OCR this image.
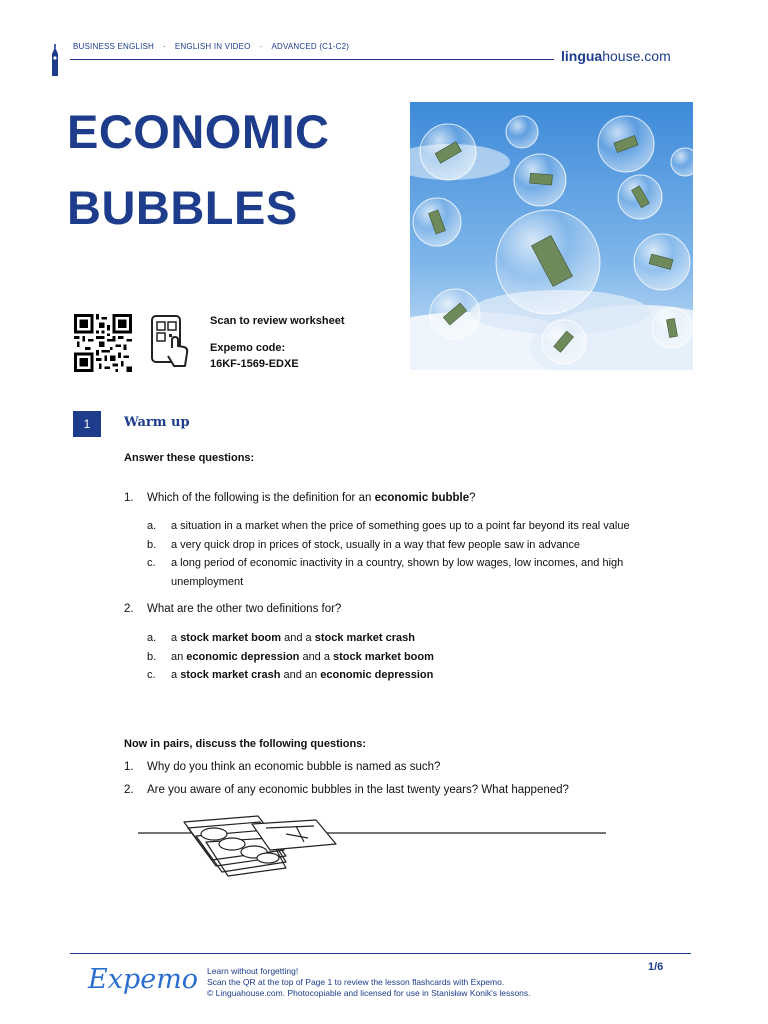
BUSINESS ENGLISH · ENGLISH IN VIDEO · ADVANCED (C1-C2)
linguahouse.com
ECONOMIC
BUBBLES
Scan to review worksheet
Expemo code:
16KF-1569-EDXE
1	Warm up
Answer these questions:
1. Which of the following is the definition for an economic bubble?
a. a situation in a market when the price of something goes up to a point far beyond its real value
b. a very quick drop in prices of stock, usually in a way that few people saw in advance
c. a long period of economic inactivity in a country, shown by low wages, low incomes, and high
unemployment
2. What are the other two definitions for?
a. a stock market boom and a stock market crash
b. an economic depression and a stock market boom
c. a stock market crash and an economic depression
Now in pairs, discuss the following questions:
1. Why do you think an economic bubble is named as such?
2. Are you aware of any economic bubbles in the last twenty years? What happened?
Expemo Learn without forgetting!
Scan the QR at the top of Page 1 to review the lesson flashcards with Expemo.
© Linguahouse.com. Photocopiable and licensed for use in Stanisław Konik's lessons.
1/6
